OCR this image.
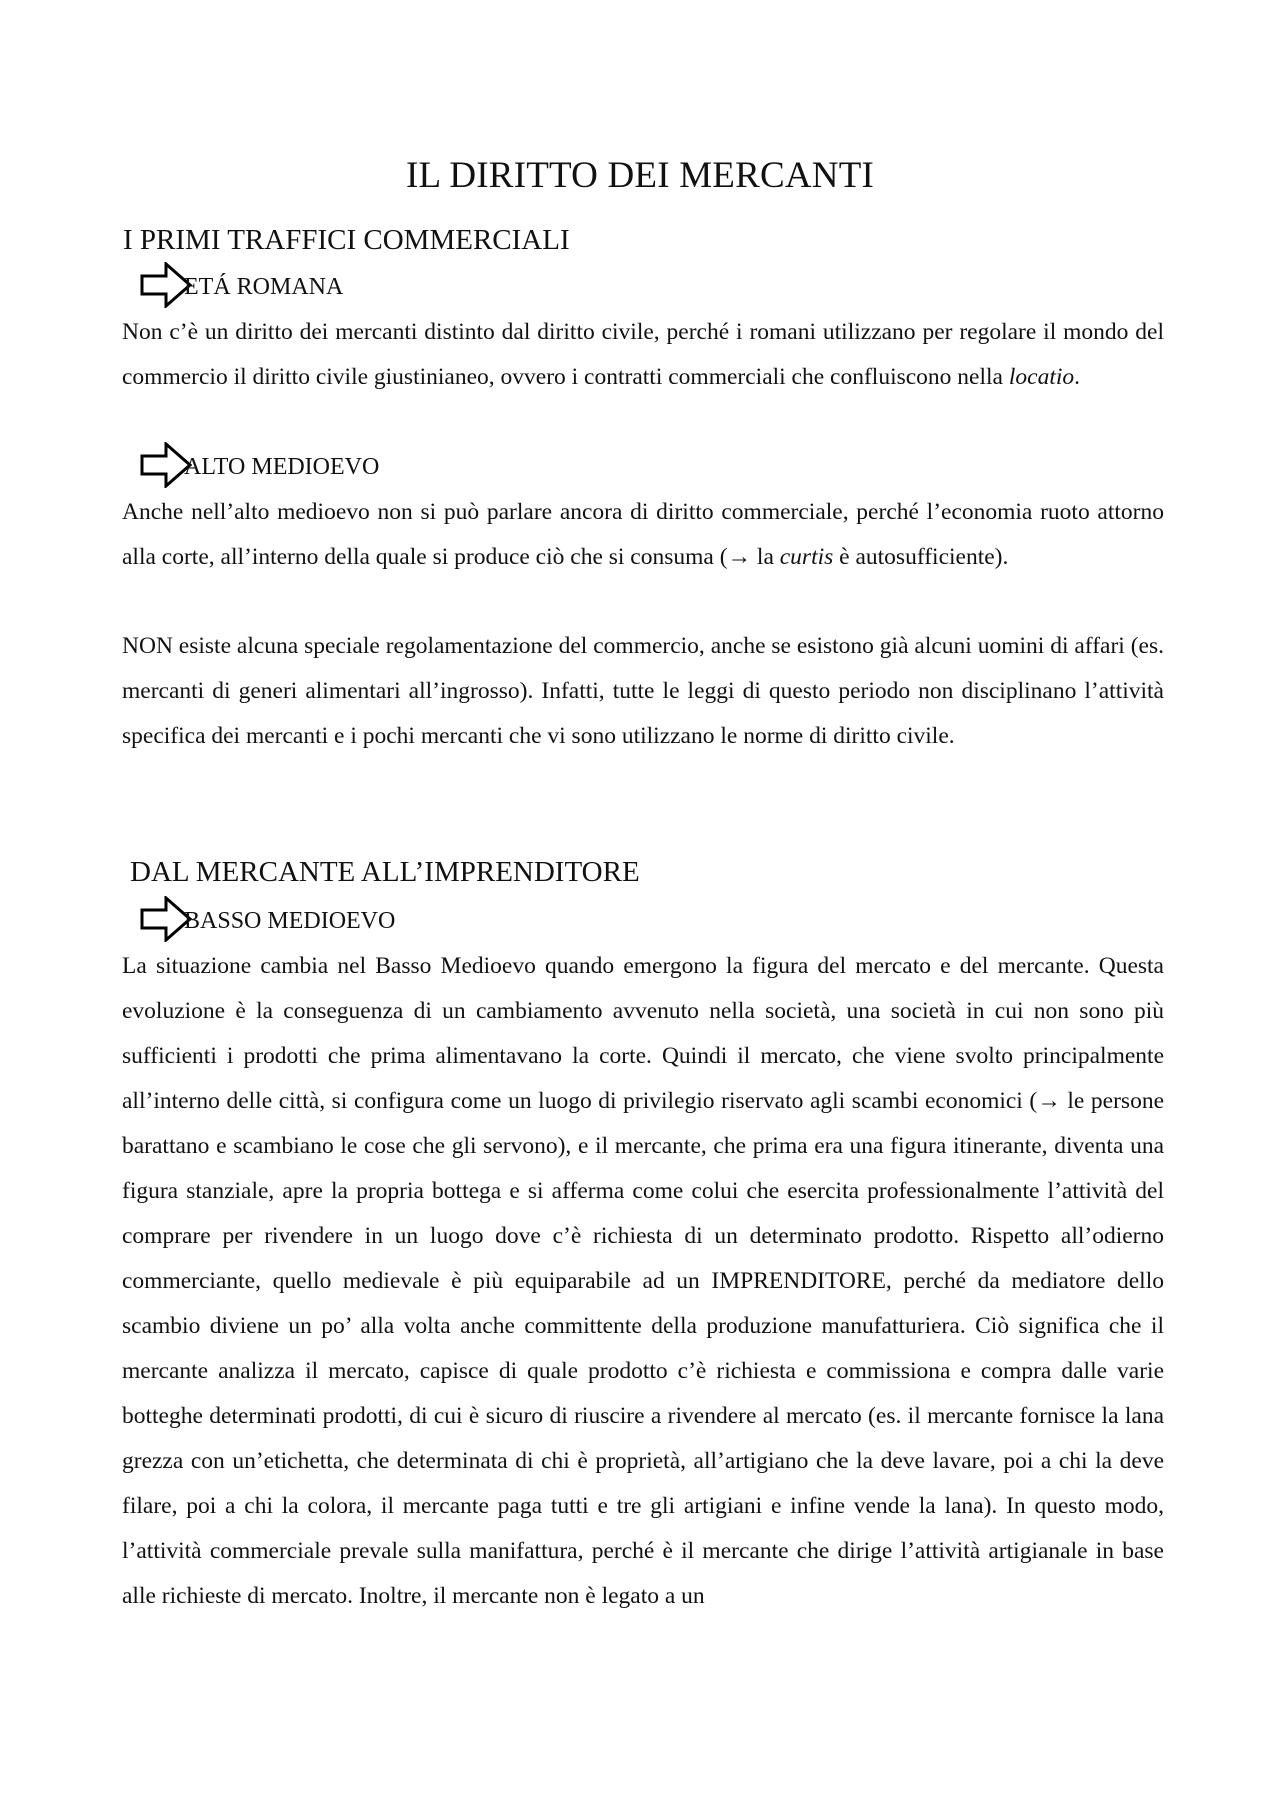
IL DIRITTO DEI MERCANTI
I PRIMI TRAFFICI COMMERCIALI
ETÁ ROMANA

Non c’è un diritto dei mercanti distinto dal diritto civile, perché i romani utilizzano per regolare il mondo del commercio il diritto civile giustinianeo, ovvero i contratti commerciali che confluiscono nella locatio.

ALTO MEDIOEVO

Anche nell’alto medioevo non si può parlare ancora di diritto commerciale, perché l’economia ruoto attorno alla corte, all’interno della quale si produce ciò che si consuma (→ la curtis è autosufficiente).

NON esiste alcuna speciale regolamentazione del commercio, anche se esistono già alcuni uomini di affari (es. mercanti di generi alimentari all’ingrosso). Infatti, tutte le leggi di questo periodo non disciplinano l’attività specifica dei mercanti e i pochi mercanti che vi sono utilizzano le norme di diritto civile.

DAL MERCANTE ALL’IMPRENDITORE
BASSO MEDIOEVO

La situazione cambia nel Basso Medioevo quando emergono la figura del mercato e del mercante. Questa evoluzione è la conseguenza di un cambiamento avvenuto nella società, una società in cui non sono più sufficienti i prodotti che prima alimentavano la corte. Quindi il mercato, che viene svolto principalmente all’interno delle città, si configura come un luogo di privilegio riservato agli scambi economici (→ le persone barattano e scambiano le cose che gli servono), e il mercante, che prima era una figura itinerante, diventa una figura stanziale, apre la propria bottega e si afferma come colui che esercita professionalmente l’attività del comprare per rivendere in un luogo dove c’è richiesta di un determinato prodotto. Rispetto all’odierno commerciante, quello medievale è più equiparabile ad un IMPRENDITORE, perché da mediatore dello scambio diviene un po’ alla volta anche committente della produzione manufatturiera. Ciò significa che il mercante analizza il mercato, capisce di quale prodotto c’è richiesta e commissiona e compra dalle varie botteghe determinati prodotti, di cui è sicuro di riuscire a rivendere al mercato (es. il mercante fornisce la lana grezza con un’etichetta, che determinata di chi è proprietà, all’artigiano che la deve lavare, poi a chi la deve filare, poi a chi la colora, il mercante paga tutti e tre gli artigiani e infine vende la lana). In questo modo, l’attività commerciale prevale sulla manifattura, perché è il mercante che dirige l’attività artigianale in base alle richieste di mercato. Inoltre, il mercante non è legato a un
